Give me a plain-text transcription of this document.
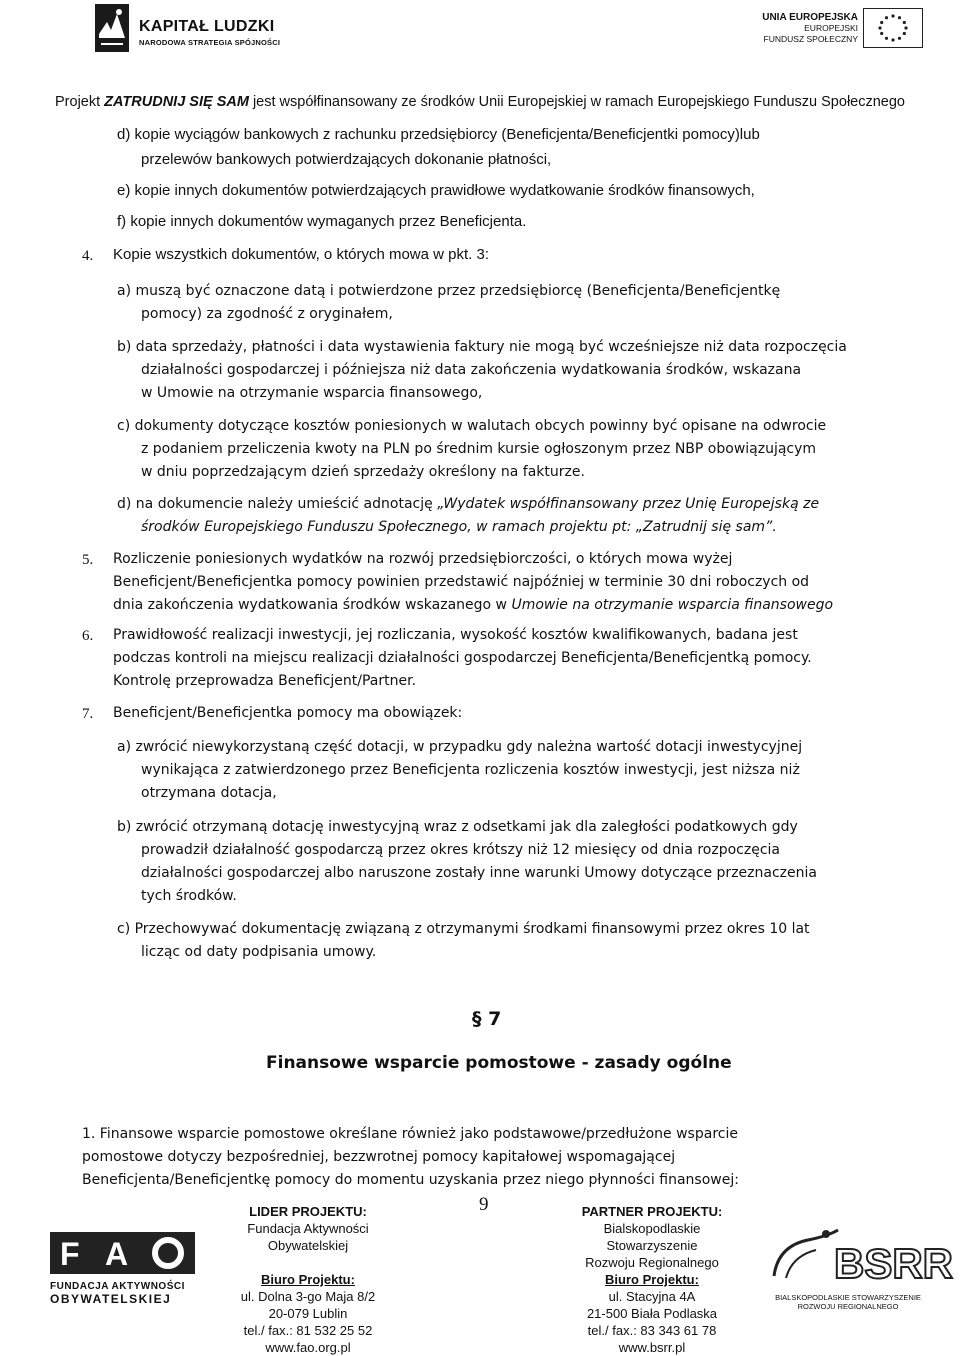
KAPITAŁ LUDZKI
NARODOWA STRATEGIA SPÓJNOŚCI
UNIA EUROPEJSKA
EUROPEJSKI
FUNDUSZ SPOŁECZNY
Projekt ZATRUDNIJ SIĘ SAM jest współfinansowany ze środków Unii Europejskiej w ramach Europejskiego Funduszu Społecznego
d) kopie wyciągów bankowych z rachunku przedsiębiorcy (Beneficjenta/Beneficjentki pomocy)lub
przelewów bankowych potwierdzających dokonanie płatności,
e) kopie innych dokumentów potwierdzających prawidłowe wydatkowanie środków finansowych,
f) kopie innych dokumentów wymaganych przez Beneficjenta.
4. Kopie wszystkich dokumentów, o których mowa w pkt. 3:
a) muszą być oznaczone datą i potwierdzone przez przedsiębiorcę (Beneficjenta/Beneficjentkę
pomocy) za zgodność z oryginałem,
b) data sprzedaży, płatności i data wystawienia faktury nie mogą być wcześniejsze niż data rozpoczęcia
działalności gospodarczej i późniejsza niż data zakończenia wydatkowania środków, wskazana
w Umowie na otrzymanie wsparcia finansowego,
c) dokumenty dotyczące kosztów poniesionych w walutach obcych powinny być opisane na odwrocie
z podaniem przeliczenia kwoty na PLN po średnim kursie ogłoszonym przez NBP obowiązującym
w dniu poprzedzającym dzień sprzedaży określony na fakturze.
d) na dokumencie należy umieścić adnotację „Wydatek współfinansowany przez Unię Europejską ze
środków Europejskiego Funduszu Społecznego, w ramach projektu pt: „Zatrudnij się sam”.
5. Rozliczenie poniesionych wydatków na rozwój przedsiębiorczości, o których mowa wyżej
Beneficjent/Beneficjentka pomocy powinien przedstawić najpóźniej w terminie 30 dni roboczych od
dnia zakończenia wydatkowania środków wskazanego w Umowie na otrzymanie wsparcia finansowego
6. Prawidłowość realizacji inwestycji, jej rozliczania, wysokość kosztów kwalifikowanych, badana jest
podczas kontroli na miejscu realizacji działalności gospodarczej Beneficjenta/Beneficjentką pomocy.
Kontrolę przeprowadza Beneficjent/Partner.
7. Beneficjent/Beneficjentka pomocy ma obowiązek:
a) zwrócić niewykorzystaną część dotacji, w przypadku gdy należna wartość dotacji inwestycyjnej
wynikająca z zatwierdzonego przez Beneficjenta rozliczenia kosztów inwestycji, jest niższa niż
otrzymana dotacja,
b) zwrócić otrzymaną dotację inwestycyjną wraz z odsetkami jak dla zaległości podatkowych gdy
prowadził działalność gospodarczą przez okres krótszy niż 12 miesięcy od dnia rozpoczęcia
działalności gospodarczej albo naruszone zostały inne warunki Umowy dotyczące przeznaczenia
tych środków.
c) Przechowywać dokumentację związaną z otrzymanymi środkami finansowymi przez okres 10 lat
licząc od daty podpisania umowy.
§ 7
Finansowe wsparcie pomostowe - zasady ogólne
1. Finansowe wsparcie pomostowe określane również jako podstawowe/przedłużone wsparcie
pomostowe dotyczy bezpośredniej, bezzwrotnej pomocy kapitałowej wspomagającej
Beneficjenta/Beneficjentkę pomocy do momentu uzyskania przez niego płynności finansowej:
9
F A
FUNDACJA AKTYWNOŚCI
OBYWATELSKIEJ
LIDER PROJEKTU:
Fundacja Aktywności
Obywatelskiej

Biuro Projektu:
ul. Dolna 3-go Maja 8/2
20-079 Lublin
tel./ fax.: 81 532 25 52
www.fao.org.pl
PARTNER PROJEKTU:
Bialskopodlaskie
Stowarzyszenie
Rozwoju Regionalnego
Biuro Projektu:
ul. Stacyjna 4A
21-500 Biała Podlaska
tel./ fax.: 83 343 61 78
www.bsrr.pl
BSRR
BIALSKOPODLASKIE STOWARZYSZENIE
ROZWOJU REGIONALNEGO
